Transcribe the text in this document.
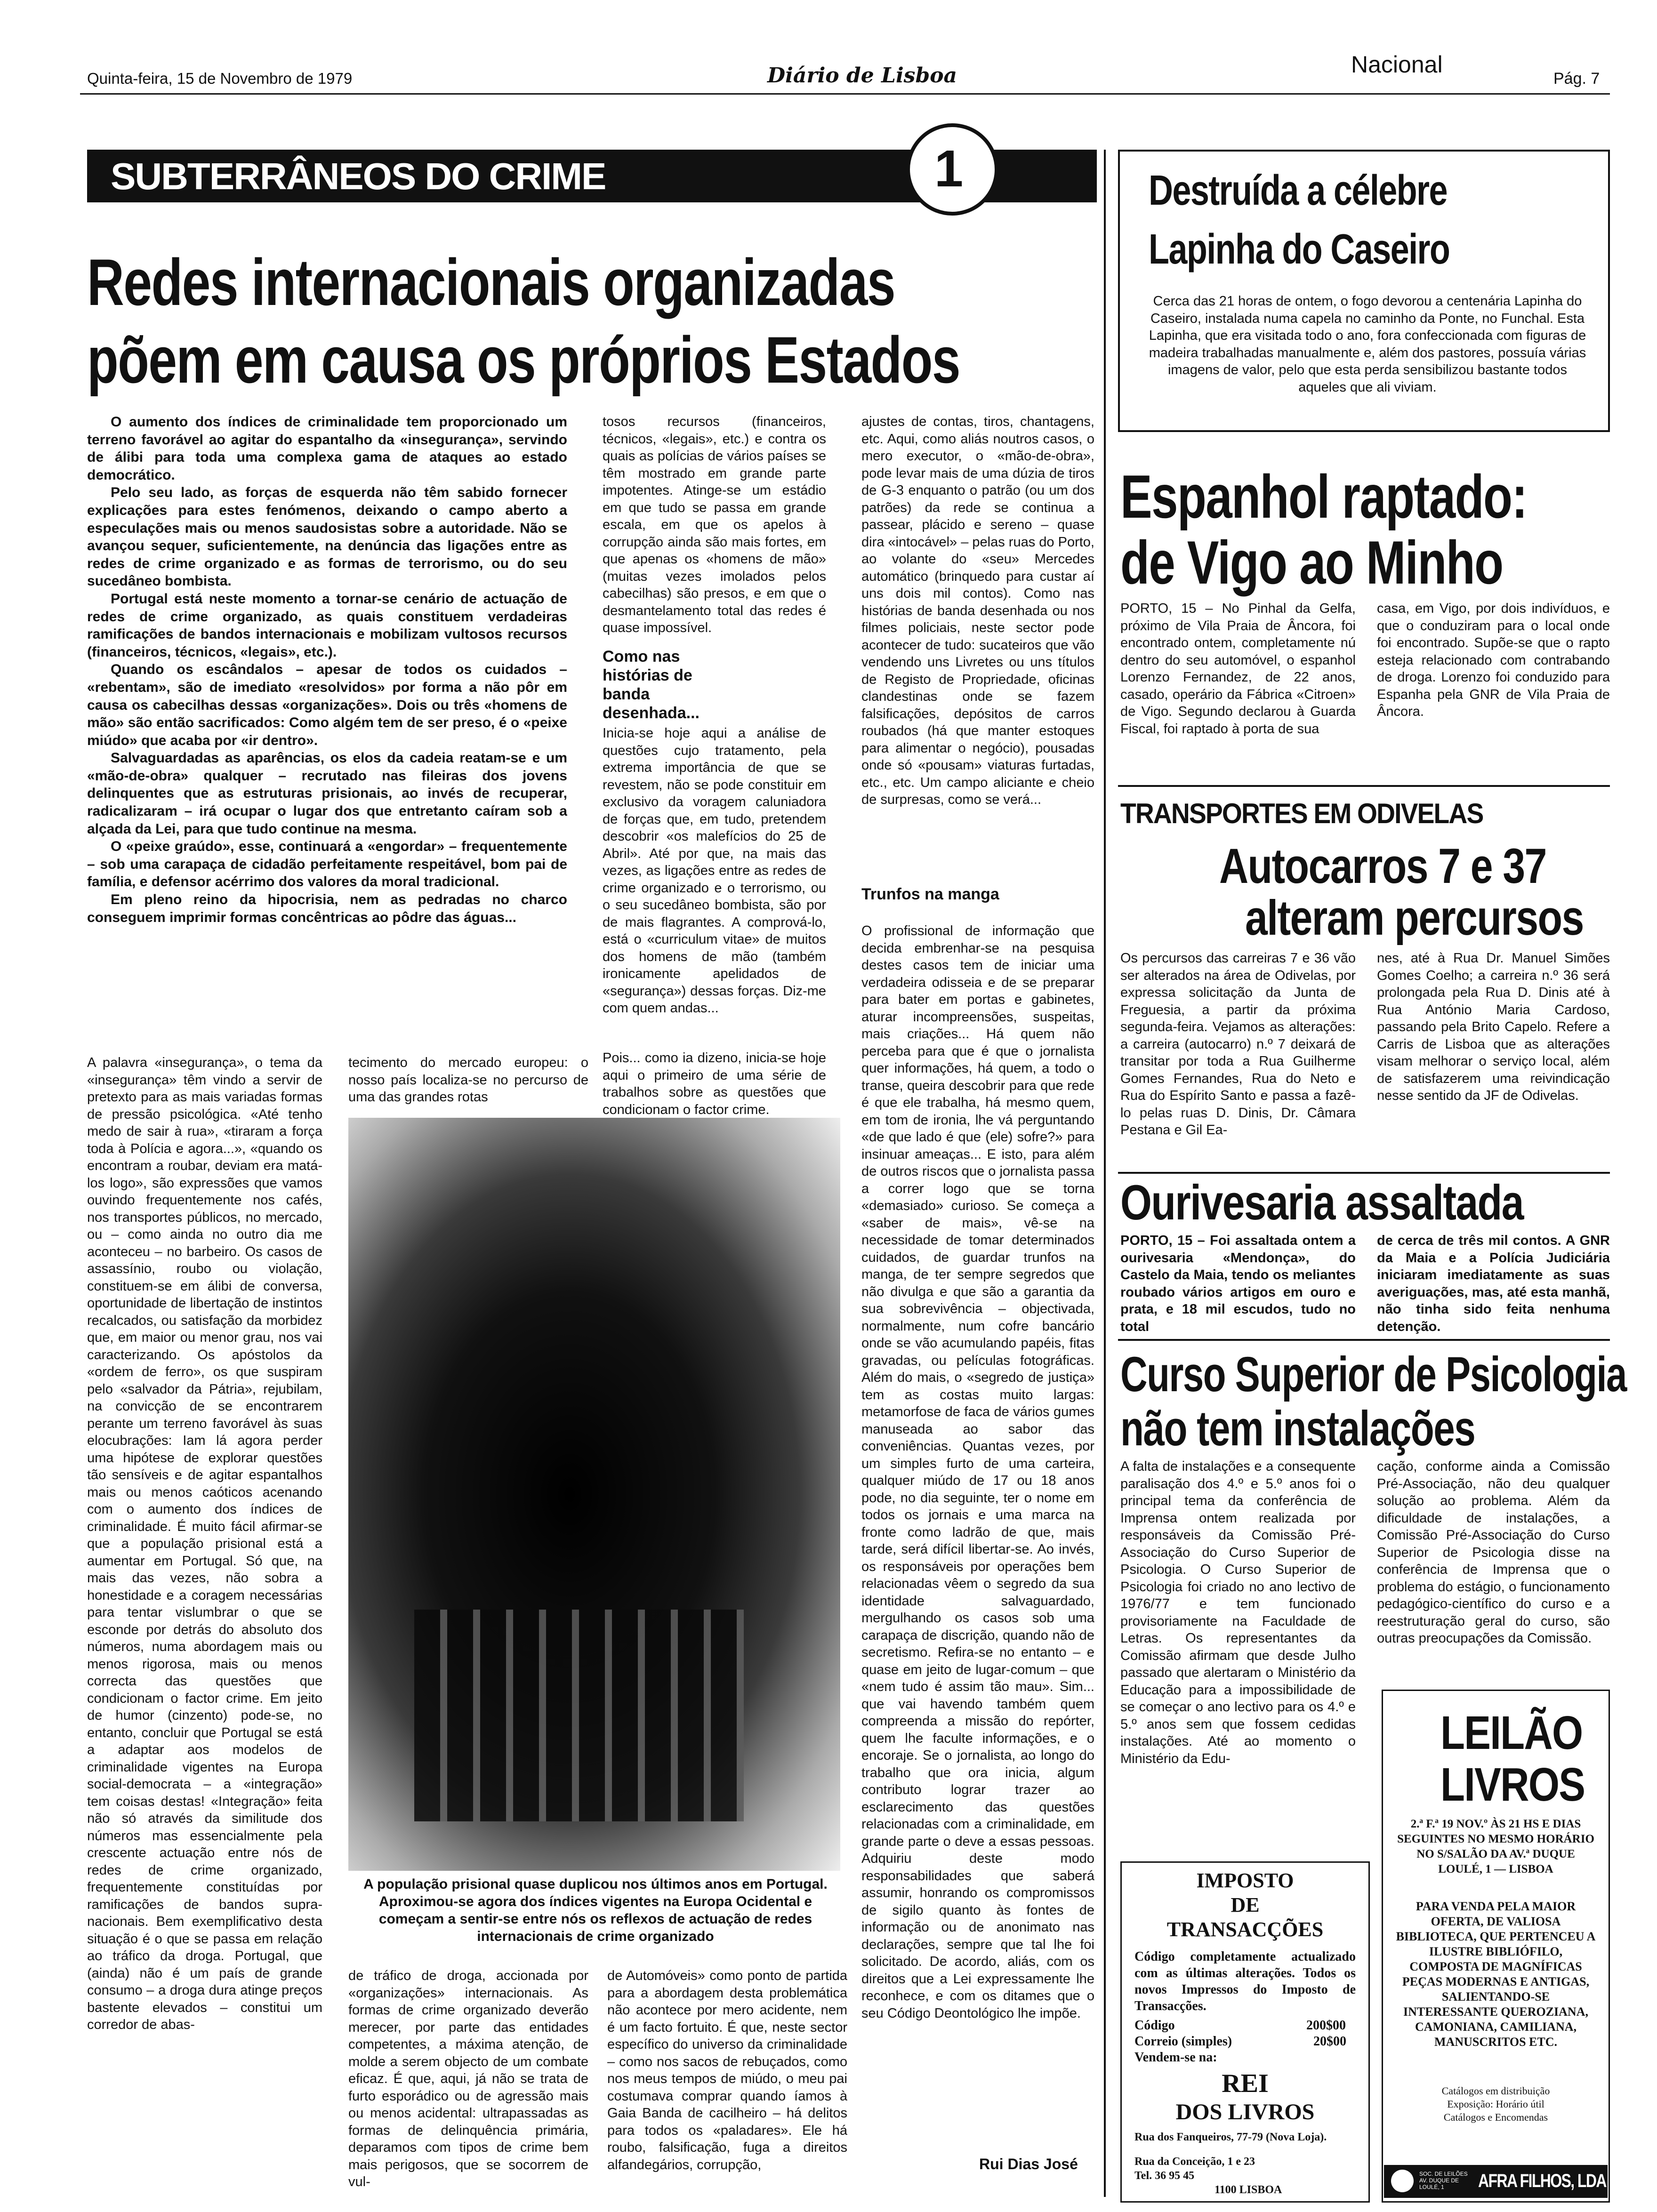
Quinta-feira, 15 de Novembro de 1979	Diário de Lisboa	Nacional
Pág. 7
SUBTERRÂNEOS DO CRIME	1
Redes internacionais organizadas
põem em causa os próprios Estados

O aumento dos índices de criminalidade tem proporcionado um terreno favorável ao agitar do espantalho da «insegurança», servindo de álibi para toda uma complexa gama de ataques ao estado democrático.

Pelo seu lado, as forças de esquerda não têm sabido fornecer explicações para estes fenómenos, deixando o campo aberto a especulações mais ou menos saudosistas sobre a autoridade. Não se avançou sequer, suficientemente, na denúncia das ligações entre as redes de crime organizado e as formas de terrorismo, ou do seu sucedâneo bombista.

Portugal está neste momento a tornar-se cenário de actuação de redes de crime organizado, as quais constituem verdadeiras ramificações de bandos internacionais e mobilizam vultosos recursos (financeiros, técnicos, «legais», etc.).

Quando os escândalos – apesar de todos os cuidados – «rebentam», são de imediato «resolvidos» por forma a não pôr em causa os cabecilhas dessas «organizações». Dois ou três «homens de mão» são então sacrificados: Como algém tem de ser preso, é o «peixe miúdo» que acaba por «ir dentro».

Salvaguardadas as aparências, os elos da cadeia reatam-se e um «mão-de-obra» qualquer – recrutado nas fileiras dos jovens delinquentes que as estruturas prisionais, ao invés de recuperar, radicalizaram – irá ocupar o lugar dos que entretanto caíram sob a alçada da Lei, para que tudo continue na mesma.

O «peixe graúdo», esse, continuará a «engordar» – frequentemente – sob uma carapaça de cidadão perfeitamente respeitável, bom pai de família, e defensor acérrimo dos valores da moral tradicional.

Em pleno reino da hipocrisia, nem as pedradas no charco conseguem imprimir formas concêntricas ao pôdre das águas...

tosos recursos (financeiros, técnicos, «legais», etc.) e contra os quais as polícias de vários países se têm mostrado em grande parte impotentes. Atinge-se um estádio em que tudo se passa em grande escala, em que os apelos à corrupção ainda são mais fortes, em que apenas os «homens de mão» (muitas vezes imolados pelos cabecilhas) são presos, e em que o desmantelamento total das redes é quase impossível.
Como nas histórias de banda desenhada...
Inicia-se hoje aqui a análise de questões cujo tratamento, pela extrema importância de que se revestem, não se pode constituir em exclusivo da voragem caluniadora de forças que, em tudo, pretendem descobrir «os malefícios do 25 de Abril». Até por que, na mais das vezes, as ligações entre as redes de crime organizado e o terrorismo, ou o seu sucedâneo bombista, são por de mais flagrantes. A comprová-lo, está o «curriculum vitae» de muitos dos homens de mão (também ironicamente apelidados de «segurança») dessas forças. Diz-me com quem andas...
Pois... como ia dizeno, inicia-se hoje aqui o primeiro de uma série de trabalhos sobre as questões que condicionam o factor crime.
ajustes de contas, tiros, chantagens, etc. Aqui, como aliás noutros casos, o mero executor, o «mão-de-obra», pode levar mais de uma dúzia de tiros de G-3 enquanto o patrão (ou um dos patrões) da rede se continua a passear, plácido e sereno – quase dira «intocável» – pelas ruas do Porto, ao volante do «seu» Mercedes automático (brinquedo para custar aí uns dois mil contos). Como nas histórias de banda desenhada ou nos filmes policiais, neste sector pode acontecer de tudo: sucateiros que vão vendendo uns Livretes ou uns títulos de Registo de Propriedade, oficinas clandestinas onde se fazem falsificações, depósitos de carros roubados (há que manter estoques para alimentar o negócio), pousadas onde só «pousam» viaturas furtadas, etc., etc. Um campo aliciante e cheio de surpresas, como se verá...
Trunfos na manga
O profissional de informação que decida embrenhar-se na pesquisa destes casos tem de iniciar uma verdadeira odisseia e de se preparar para bater em portas e gabinetes, aturar incompreensões, suspeitas, mais criações... Há quem não perceba para que é que o jornalista quer informações, há quem, a todo o transe, queira descobrir para que rede é que ele trabalha, há mesmo quem, em tom de ironia, lhe vá perguntando «de que lado é que (ele) sofre?» para insinuar ameaças... E isto, para além de outros riscos que o jornalista passa a correr logo que se torna «demasiado» curioso. Se começa a «saber de mais», vê-se na necessidade de tomar determinados cuidados, de guardar trunfos na manga, de ter sempre segredos que não divulga e que são a garantia da sua sobrevivência – objectivada, normalmente, num cofre bancário onde se vão acumulando papéis, fitas gravadas, ou películas fotográficas. Além do mais, o «segredo de justiça» tem as costas muito largas: metamorfose de faca de vários gumes manuseada ao sabor das conveniências. Quantas vezes, por um simples furto de uma carteira, qualquer miúdo de 17 ou 18 anos pode, no dia seguinte, ter o nome em todos os jornais e uma marca na fronte como ladrão de que, mais tarde, será difícil libertar-se. Ao invés, os responsáveis por operações bem relacionadas vêem o segredo da sua identidade salvaguardado, mergulhando os casos sob uma carapaça de discrição, quando não de secretismo. Refira-se no entanto – e quase em jeito de lugar-comum – que «nem tudo é assim tão mau». Sim... que vai havendo também quem compreenda a missão do repórter, quem lhe faculte informações, e o encoraje. Se o jornalista, ao longo do trabalho que ora inicia, algum contributo lograr trazer ao esclarecimento das questões relacionadas com a criminalidade, em grande parte o deve a essas pessoas. Adquiriu deste modo responsabilidades que saberá assumir, honrando os compromissos de sigilo quanto às fontes de informação ou de anonimato nas declarações, sempre que tal lhe foi solicitado. De acordo, aliás, com os direitos que a Lei expressamente lhe reconhece, e com os ditames que o seu Código Deontológico lhe impõe.
Rui Dias José
A palavra «insegurança», o tema da «insegurança» têm vindo a servir de pretexto para as mais variadas formas de pressão psicológica. «Até tenho medo de sair à rua», «tiraram a força toda à Polícia e agora...», «quando os encontram a roubar, deviam era matá-los logo», são expressões que vamos ouvindo frequentemente nos cafés, nos transportes públicos, no mercado, ou – como ainda no outro dia me aconteceu – no barbeiro. Os casos de assassínio, roubo ou violação, constituem-se em álibi de conversa, oportunidade de libertação de instintos recalcados, ou satisfação da morbidez que, em maior ou menor grau, nos vai caracterizando. Os apóstolos da «ordem de ferro», os que suspiram pelo «salvador da Pátria», rejubilam, na convicção de se encontrarem perante um terreno favorável às suas elocubrações: Iam lá agora perder uma hipótese de explorar questões tão sensíveis e de agitar espantalhos mais ou menos caóticos acenando com o aumento dos índices de criminalidade. É muito fácil afirmar-se que a população prisional está a aumentar em Portugal. Só que, na mais das vezes, não sobra a honestidade e a coragem necessárias para tentar vislumbrar o que se esconde por detrás do absoluto dos números, numa abordagem mais ou menos rigorosa, mais ou menos correcta das questões que condicionam o factor crime. Em jeito de humor (cinzento) pode-se, no entanto, concluir que Portugal se está a adaptar aos modelos de criminalidade vigentes na Europa social-democrata – a «integração» tem coisas destas! «Integração» feita não só através da similitude dos números mas essencialmente pela crescente actuação entre nós de redes de crime organizado, frequentemente constituídas por ramificações de bandos supra-nacionais. Bem exemplificativo desta situação é o que se passa em relação ao tráfico da droga. Portugal, que (ainda) não é um país de grande consumo – a droga dura atinge preços bastente elevados – constitui um corredor de abas-
tecimento do mercado europeu: o nosso país localiza-se no percurso de uma das grandes rotas
A população prisional quase duplicou nos últimos anos em Portugal. Aproximou-se agora dos índices vigentes na Europa Ocidental e começam a sentir-se entre nós os reflexos de actuação de redes internacionais de crime organizado
de tráfico de droga, accionada por «organizações» internacionais. As formas de crime organizado deverão merecer, por parte das entidades competentes, a máxima atenção, de molde a serem objecto de um combate eficaz. É que, aqui, já não se trata de furto esporádico ou de agressão mais ou menos acidental: ultrapassadas as formas de delinquência primária, deparamos com tipos de crime bem mais perigosos, que se socorrem de vul-
de Automóveis» como ponto de partida para a abordagem desta problemática não acontece por mero acidente, nem é um facto fortuito. É que, neste sector específico do universo da criminalidade – como nos sacos de rebuçados, como nos meus tempos de miúdo, o meu pai costumava comprar quando íamos à Gaia Banda de cacilheiro – há delitos para todos os «paladares». Ele há roubo, falsificação, fuga a direitos alfandegários, corrupção,
Destruída a célebre
Lapinha do Caseiro
Cerca das 21 horas de ontem, o fogo devorou a centenária Lapinha do Caseiro, instalada numa capela no caminho da Ponte, no Funchal. Esta Lapinha, que era visitada todo o ano, fora confeccionada com figuras de madeira trabalhadas manualmente e, além dos pastores, possuía várias imagens de valor, pelo que esta perda sensibilizou bastante todos aqueles que ali viviam.
Espanhol raptado:
de Vigo ao Minho
PORTO, 15 – No Pinhal da Gelfa, próximo de Vila Praia de Âncora, foi encontrado ontem, completamente nú dentro do seu automóvel, o espanhol Lorenzo Fernandez, de 22 anos, casado, operário da Fábrica «Citroen» de Vigo. Segundo declarou à Guarda Fiscal, foi raptado à porta de sua
casa, em Vigo, por dois indivíduos, e que o conduziram para o local onde foi encontrado. Supõe-se que o rapto esteja relacionado com contrabando de droga. Lorenzo foi conduzido para Espanha pela GNR de Vila Praia de Âncora.
TRANSPORTES EM ODIVELAS
Autocarros 7 e 37
alteram percursos
Os percursos das carreiras 7 e 36 vão ser alterados na área de Odivelas, por expressa solicitação da Junta de Freguesia, a partir da próxima segunda-feira. Vejamos as alterações: a carreira (autocarro) n.º 7 deixará de transitar por toda a Rua Guilherme Gomes Fernandes, Rua do Neto e Rua do Espírito Santo e passa a fazê-lo pelas ruas D. Dinis, Dr. Câmara Pestana e Gil Ea-
nes, até à Rua Dr. Manuel Simões Gomes Coelho; a carreira n.º 36 será prolongada pela Rua D. Dinis até à Rua António Maria Cardoso, passando pela Brito Capelo. Refere a Carris de Lisboa que as alterações visam melhorar o serviço local, além de satisfazerem uma reivindicação nesse sentido da JF de Odivelas.
Ourivesaria assaltada
PORTO, 15 – Foi assaltada ontem a ourivesaria «Mendonça», do Castelo da Maia, tendo os meliantes roubado vários artigos em ouro e prata, e 18 mil escudos, tudo no total
de cerca de três mil contos. A GNR da Maia e a Polícia Judiciária iniciaram imediatamente as suas averiguações, mas, até esta manhã, não tinha sido feita nenhuma detenção.
Curso Superior de Psicologia
não tem instalações
A falta de instalações e a consequente paralisação dos 4.º e 5.º anos foi o principal tema da conferência de Imprensa ontem realizada por responsáveis da Comissão Pré-Associação do Curso Superior de Psicologia. O Curso Superior de Psicologia foi criado no ano lectivo de 1976/77 e tem funcionado provisoriamente na Faculdade de Letras. Os representantes da Comissão afirmam que desde Julho passado que alertaram o Ministério da Educação para a impossibilidade de se começar o ano lectivo para os 4.º e 5.º anos sem que fossem cedidas instalações. Até ao momento o Ministério da Edu-
cação, conforme ainda a Comissão Pré-Associação, não deu qualquer solução ao problema. Além da dificuldade de instalações, a Comissão Pré-Associação do Curso Superior de Psicologia disse na conferência de Imprensa que o problema do estágio, o funcionamento pedagógico-científico do curso e a reestruturação geral do curso, são outras preocupações da Comissão.
IMPOSTO
DE
TRANSACÇÕES
Código completamente actualizado com as últimas alterações. Todos os novos Impressos do Imposto de Transacções.
Código	200$00
Correio (simples)	20$00
Vendem-se na:
REI
DOS LIVROS
Rua dos Fanqueiros, 77-79 (Nova Loja).
Rua da Conceição, 1 e 23
Tel. 36 95 45
1100 LISBOA
LEILÃO
LIVROS
2.ª F.ª 19 NOV.º ÀS 21 HS E DIAS SEGUINTES NO MESMO HORÁRIO NO S/SALÃO DA AV.ª DUQUE LOULÉ, 1 — LISBOA
PARA VENDA PELA MAIOR OFERTA, DE VALIOSA BIBLIOTECA, QUE PERTENCEU A ILUSTRE BIBLIÓFILO, COMPOSTA DE MAGNÍFICAS PEÇAS MODERNAS E ANTIGAS, SALIENTANDO-SE INTERESSANTE QUEROZIANA, CAMONIANA, CAMILIANA, MANUSCRITOS ETC.
Catálogos em distribuição
Exposição: Horário útil
Catálogos e Encomendas
SOC. DE LEILÕES AV. DUQUE DE LOULÉ, 1	AFRA FILHOS, LDA
